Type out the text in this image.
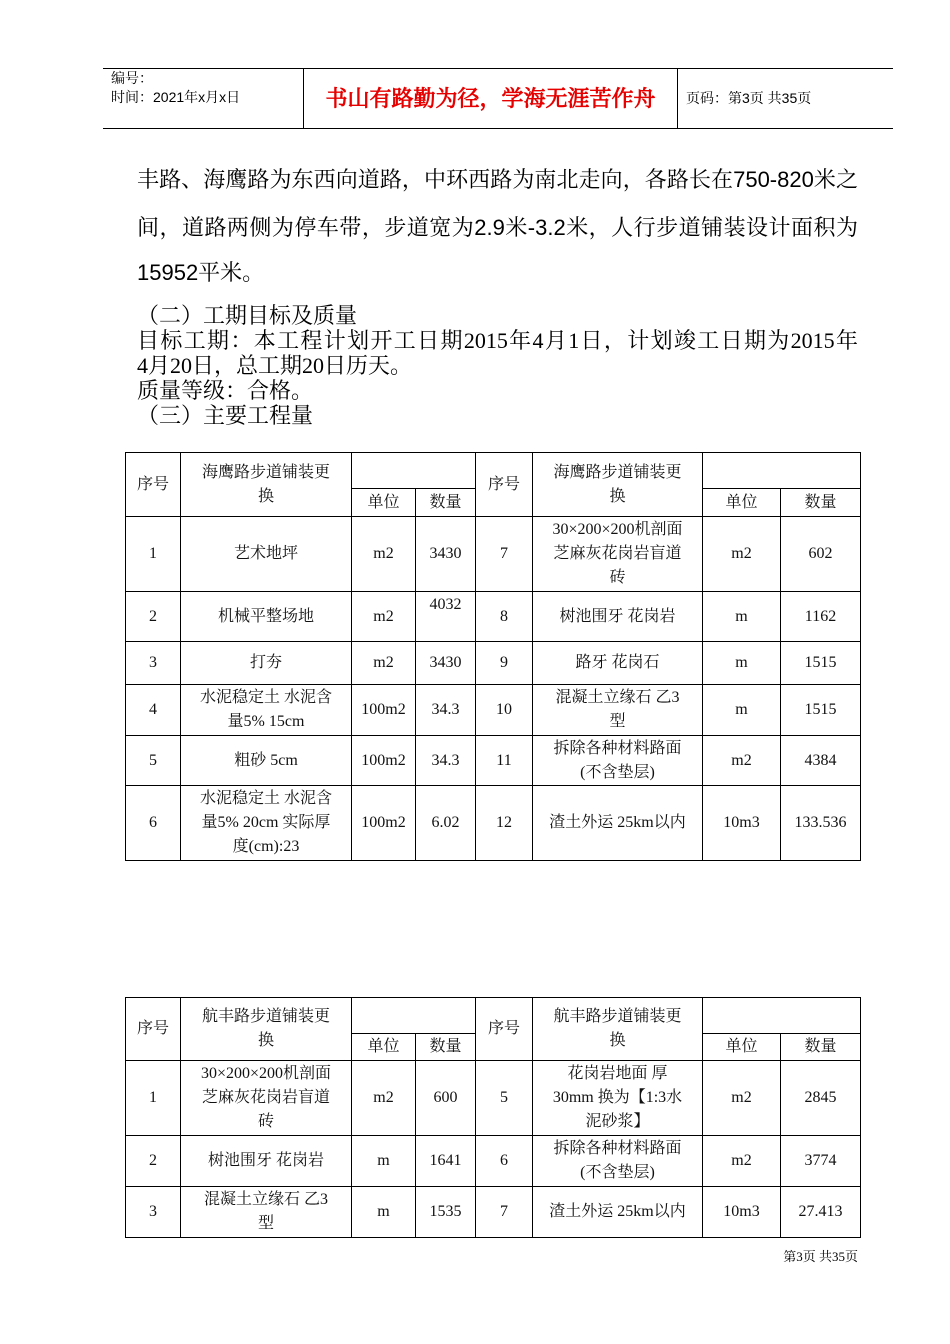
编号：
时间：2021年x月x日	书山有路勤为径，学海无涯苦作舟	页码：第3页 共35页
丰路、海鹰路为东西向道路，中环西路为南北走向，各路长在750-820米之
间，道路两侧为停车带，步道宽为2.9米-3.2米，人行步道铺装设计面积为
15952平米。
（二）工期目标及质量
目标工期：本工程计划开工日期2015年4月1日，计划竣工日期为2015年
4月20日，总工期20日历天。
质量等级：合格。
（三）主要工程量
序号	海鹰路步道铺装更换			序号	海鹰路步道铺装更换		
		单位	数量			单位	数量
1	艺术地坪	m2	3430	7	30×200×200机剖面芝麻灰花岗岩盲道砖	m2	602
2	机械平整场地	m2	4032	8	树池围牙 花岗岩	m	1162
3	打夯	m2	3430	9	路牙 花岗石	m	1515
4	水泥稳定土 水泥含量5% 15cm	100m2	34.3	10	混凝土立缘石 乙3型	m	1515
5	粗砂 5cm	100m2	34.3	11	拆除各种材料路面(不含垫层)	m2	4384
6	水泥稳定土 水泥含量5% 20cm 实际厚度(cm):23	100m2	6.02	12	渣土外运 25km以内	10m3	133.536
序号	航丰路步道铺装更换			序号	航丰路步道铺装更换		
		单位	数量			单位	数量
1	30×200×200机剖面芝麻灰花岗岩盲道砖	m2	600	5	花岗岩地面 厚30mm 换为【1:3水泥砂浆】	m2	2845
2	树池围牙 花岗岩	m	1641	6	拆除各种材料路面(不含垫层)	m2	3774
3	混凝土立缘石 乙3型	m	1535	7	渣土外运 25km以内	10m3	27.413
第3页 共35页
